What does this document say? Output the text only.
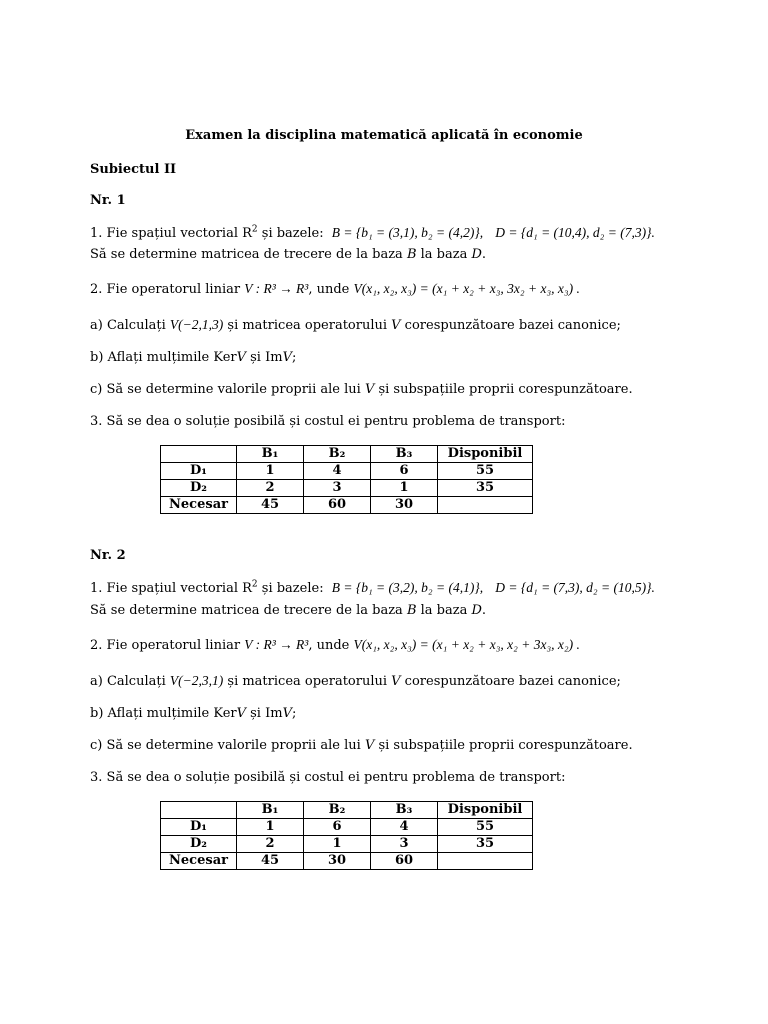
Examen la disciplina matematică aplicată în economie
Subiectul II
Nr. 1
1. Fie spațiul vectorial $R^2$ și bazele: B = {b₁ = (3,1), b₂ = (4,2)}, D = {d₁ = (10,4), d₂ = (7,3)}.
Să se determine matricea de trecere de la baza B la baza D.
2. Fie operatorul liniar V : R³ → R³, unde V(x₁, x₂, x₃) = (x₁ + x₂ + x₃, 3x₂ + x₃, x₃) .
a) Calculați V(−2,1,3) și matricea operatorului V corespunzătoare bazei canonice;
b) Aflați mulțimile KerV și ImV;
c) Să se determine valorile proprii ale lui V și subspațiile proprii corespunzătoare.
3. Să se dea o soluție posibilă și costul ei pentru problema de transport:
	B₁	B₂	B₃	Disponibil
D₁	1	4	6	55
D₂	2	3	1	35
Necesar	45	60	30	
Nr. 2
1. Fie spațiul vectorial $R^2$ și bazele: B = {b₁ = (3,2), b₂ = (4,1)}, D = {d₁ = (7,3), d₂ = (10,5)}.
Să se determine matricea de trecere de la baza B la baza D.
2. Fie operatorul liniar V : R³ → R³, unde V(x₁, x₂, x₃) = (x₁ + x₂ + x₃, x₂ + 3x₃, x₂) .
a) Calculați V(−2,3,1) și matricea operatorului V corespunzătoare bazei canonice;
b) Aflați mulțimile KerV și ImV;
c) Să se determine valorile proprii ale lui V și subspațiile proprii corespunzătoare.
3. Să se dea o soluție posibilă și costul ei pentru problema de transport:
	B₁	B₂	B₃	Disponibil
D₁	1	6	4	55
D₂	2	1	3	35
Necesar	45	30	60	
